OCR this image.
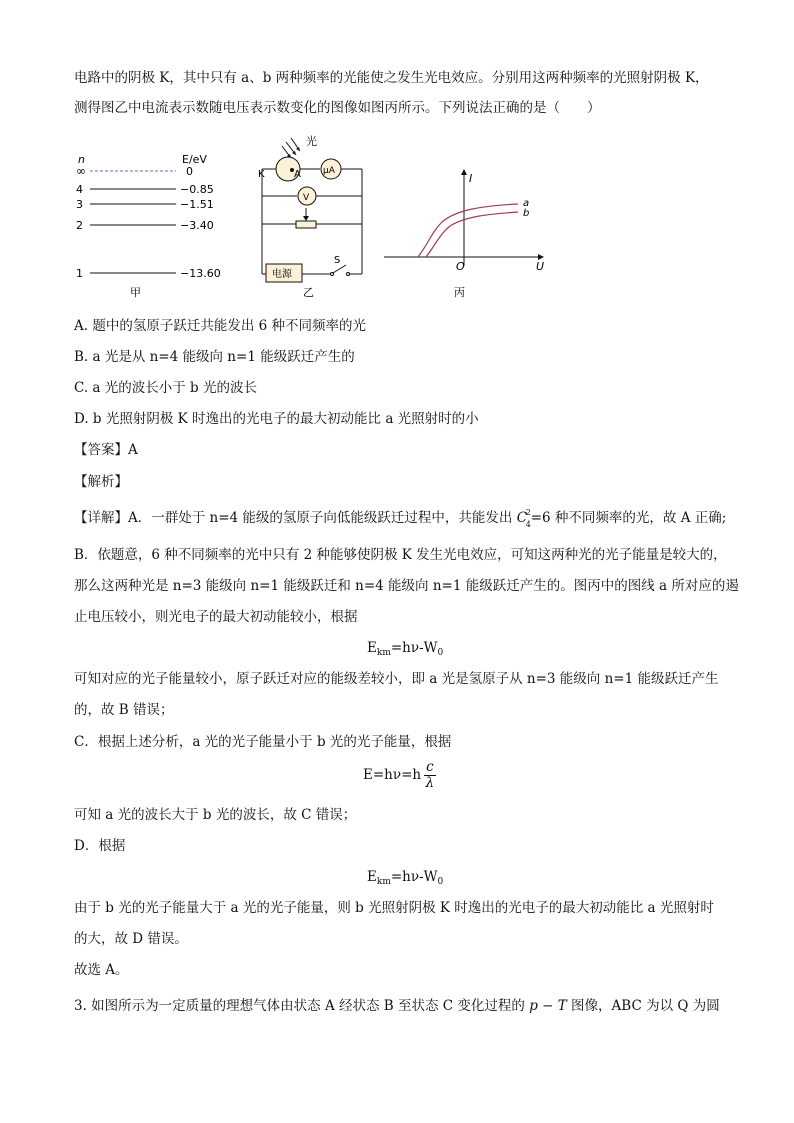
电路中的阴极 K，其中只有 a、b 两种频率的光能使之发生光电效应。分别用这两种频率的光照射阴极 K，
测得图乙中电流表示数随电压表示数变化的图像如图丙所示。下列说法正确的是（　　）
n	E/eV
∞	0
4	−0.85
3	−1.51
2	−3.40
1	−13.60
甲
光
K	A μA
V
电源
S
乙
I
U
O
a
b
丙
A. 题中的氢原子跃迁共能发出 6 种不同频率的光
B. a 光是从 n=4 能级向 n=1 能级跃迁产生的
C. a 光的波长小于 b 光的波长
D. b 光照射阴极 K 时逸出的光电子的最大初动能比 a 光照射时的小
【答案】A
【解析】
【详解】A．一群处于 n=4 能级的氢原子向低能级跃迁过程中，共能发出 C
2
4 =6 种不同频率的光，故 A 正确;
B．依题意，6 种不同频率的光中只有 2 种能够使阴极 K 发生光电效应，可知这两种光的光子能量是较大的，
那么这两种光是 n=3 能级向 n=1 能级跃迁和 n=4 能级向 n=1 能级跃迁产生的。图丙中的图线 a 所对应的遏
止电压较小，则光电子的最大初动能较小，根据
$E_{km}=h\nu-W_0$
可知对应的光子能量较小，原子跃迁对应的能级差较小，即 a 光是氢原子从 n=3 能级向 n=1 能级跃迁产生
的，故 B 错误；
C．根据上述分析，a 光的光子能量小于 b 光的光子能量，根据
$E=h\nu=h \frac{c}{\lambda}$
可知 a 光的波长大于 b 光的波长，故 C 错误；
D．根据
$E_{km}=h\nu-W_0$
由于 b 光的光子能量大于 a 光的光子能量，则 b 光照射阴极 K 时逸出的光电子的最大初动能比 a 光照射时
的大，故 D 错误。
故选 A。
3. 如图所示为一定质量的理想气体由状态 A 经状态 B 至状态 C 变化过程的 p − T 图像，ABC 为以 Q 为圆
